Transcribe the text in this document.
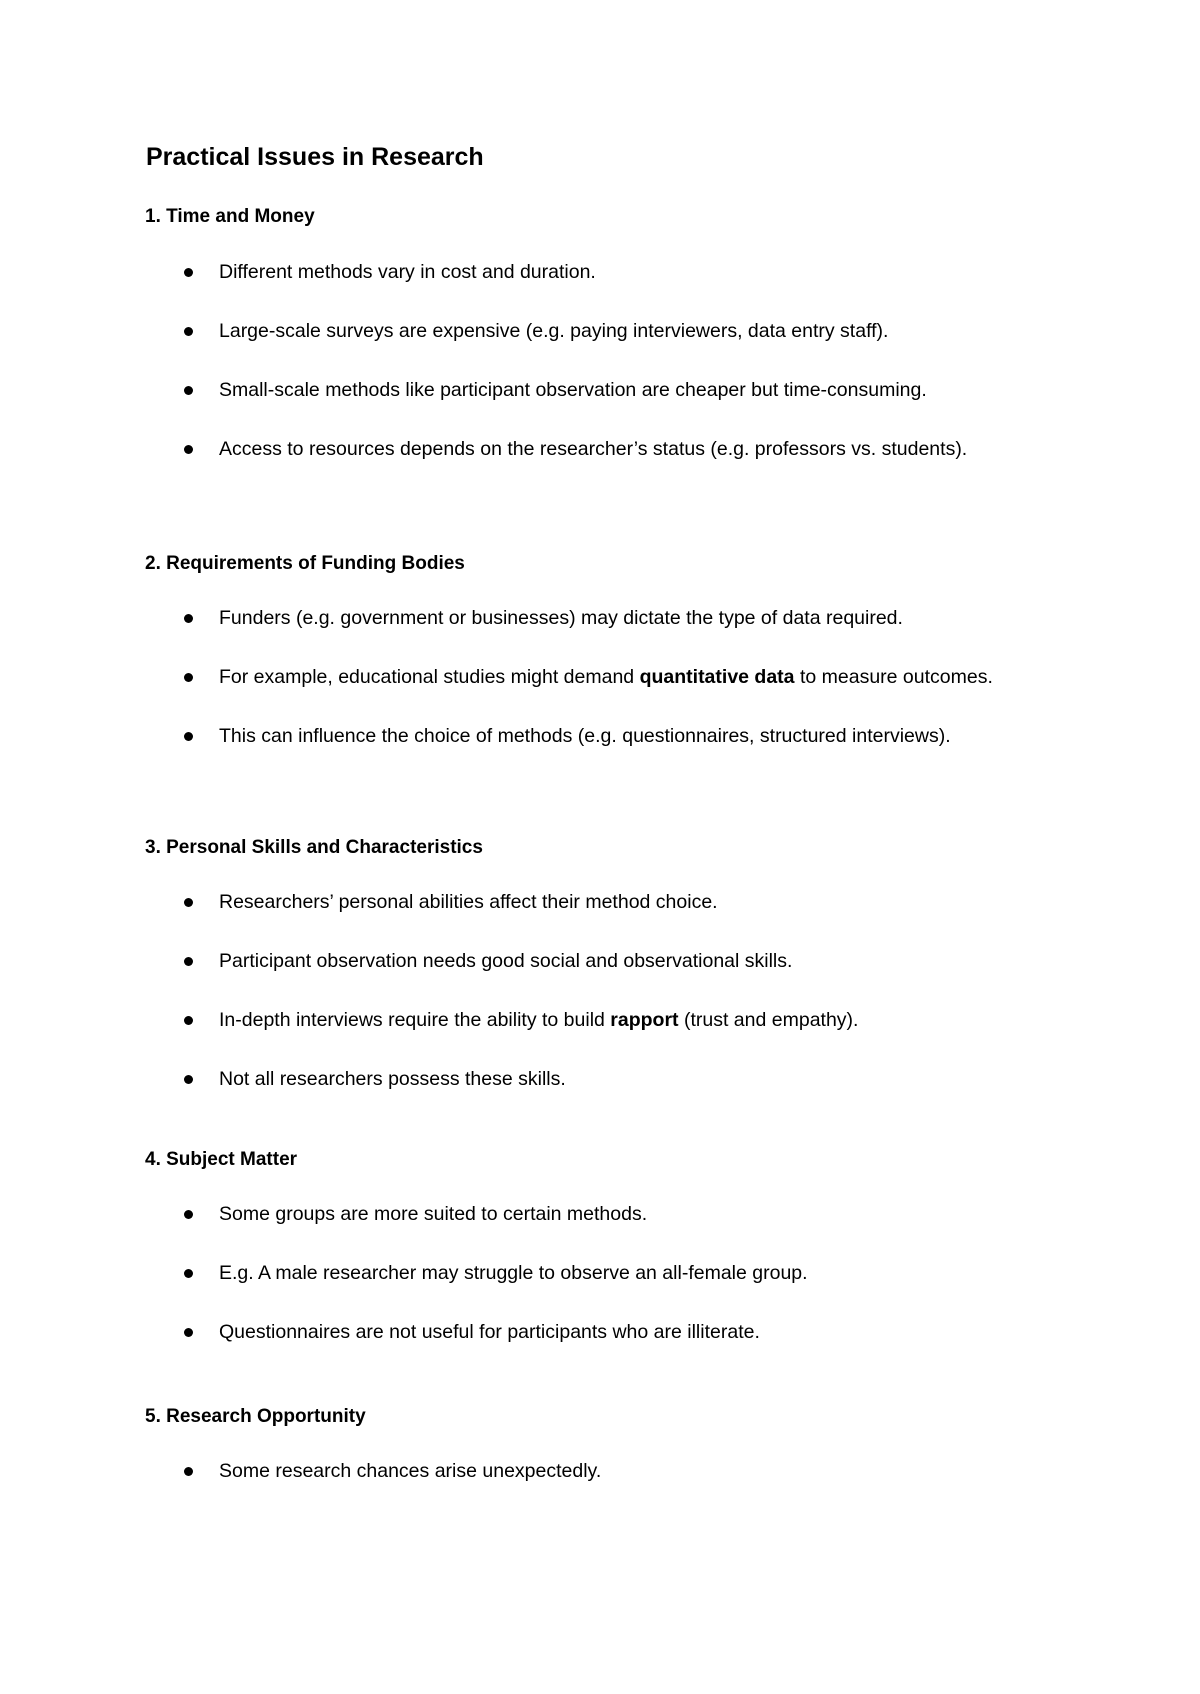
Practical Issues in Research
1. Time and Money
Different methods vary in cost and duration.
Large-scale surveys are expensive (e.g. paying interviewers, data entry staff).
Small-scale methods like participant observation are cheaper but time-consuming.
Access to resources depends on the researcher’s status (e.g. professors vs. students).
2. Requirements of Funding Bodies
Funders (e.g. government or businesses) may dictate the type of data required.
For example, educational studies might demand quantitative data to measure outcomes.
This can influence the choice of methods (e.g. questionnaires, structured interviews).
3. Personal Skills and Characteristics
Researchers’ personal abilities affect their method choice.
Participant observation needs good social and observational skills.
In-depth interviews require the ability to build rapport (trust and empathy).
Not all researchers possess these skills.
4. Subject Matter
Some groups are more suited to certain methods.
E.g. A male researcher may struggle to observe an all-female group.
Questionnaires are not useful for participants who are illiterate.
5. Research Opportunity
Some research chances arise unexpectedly.
